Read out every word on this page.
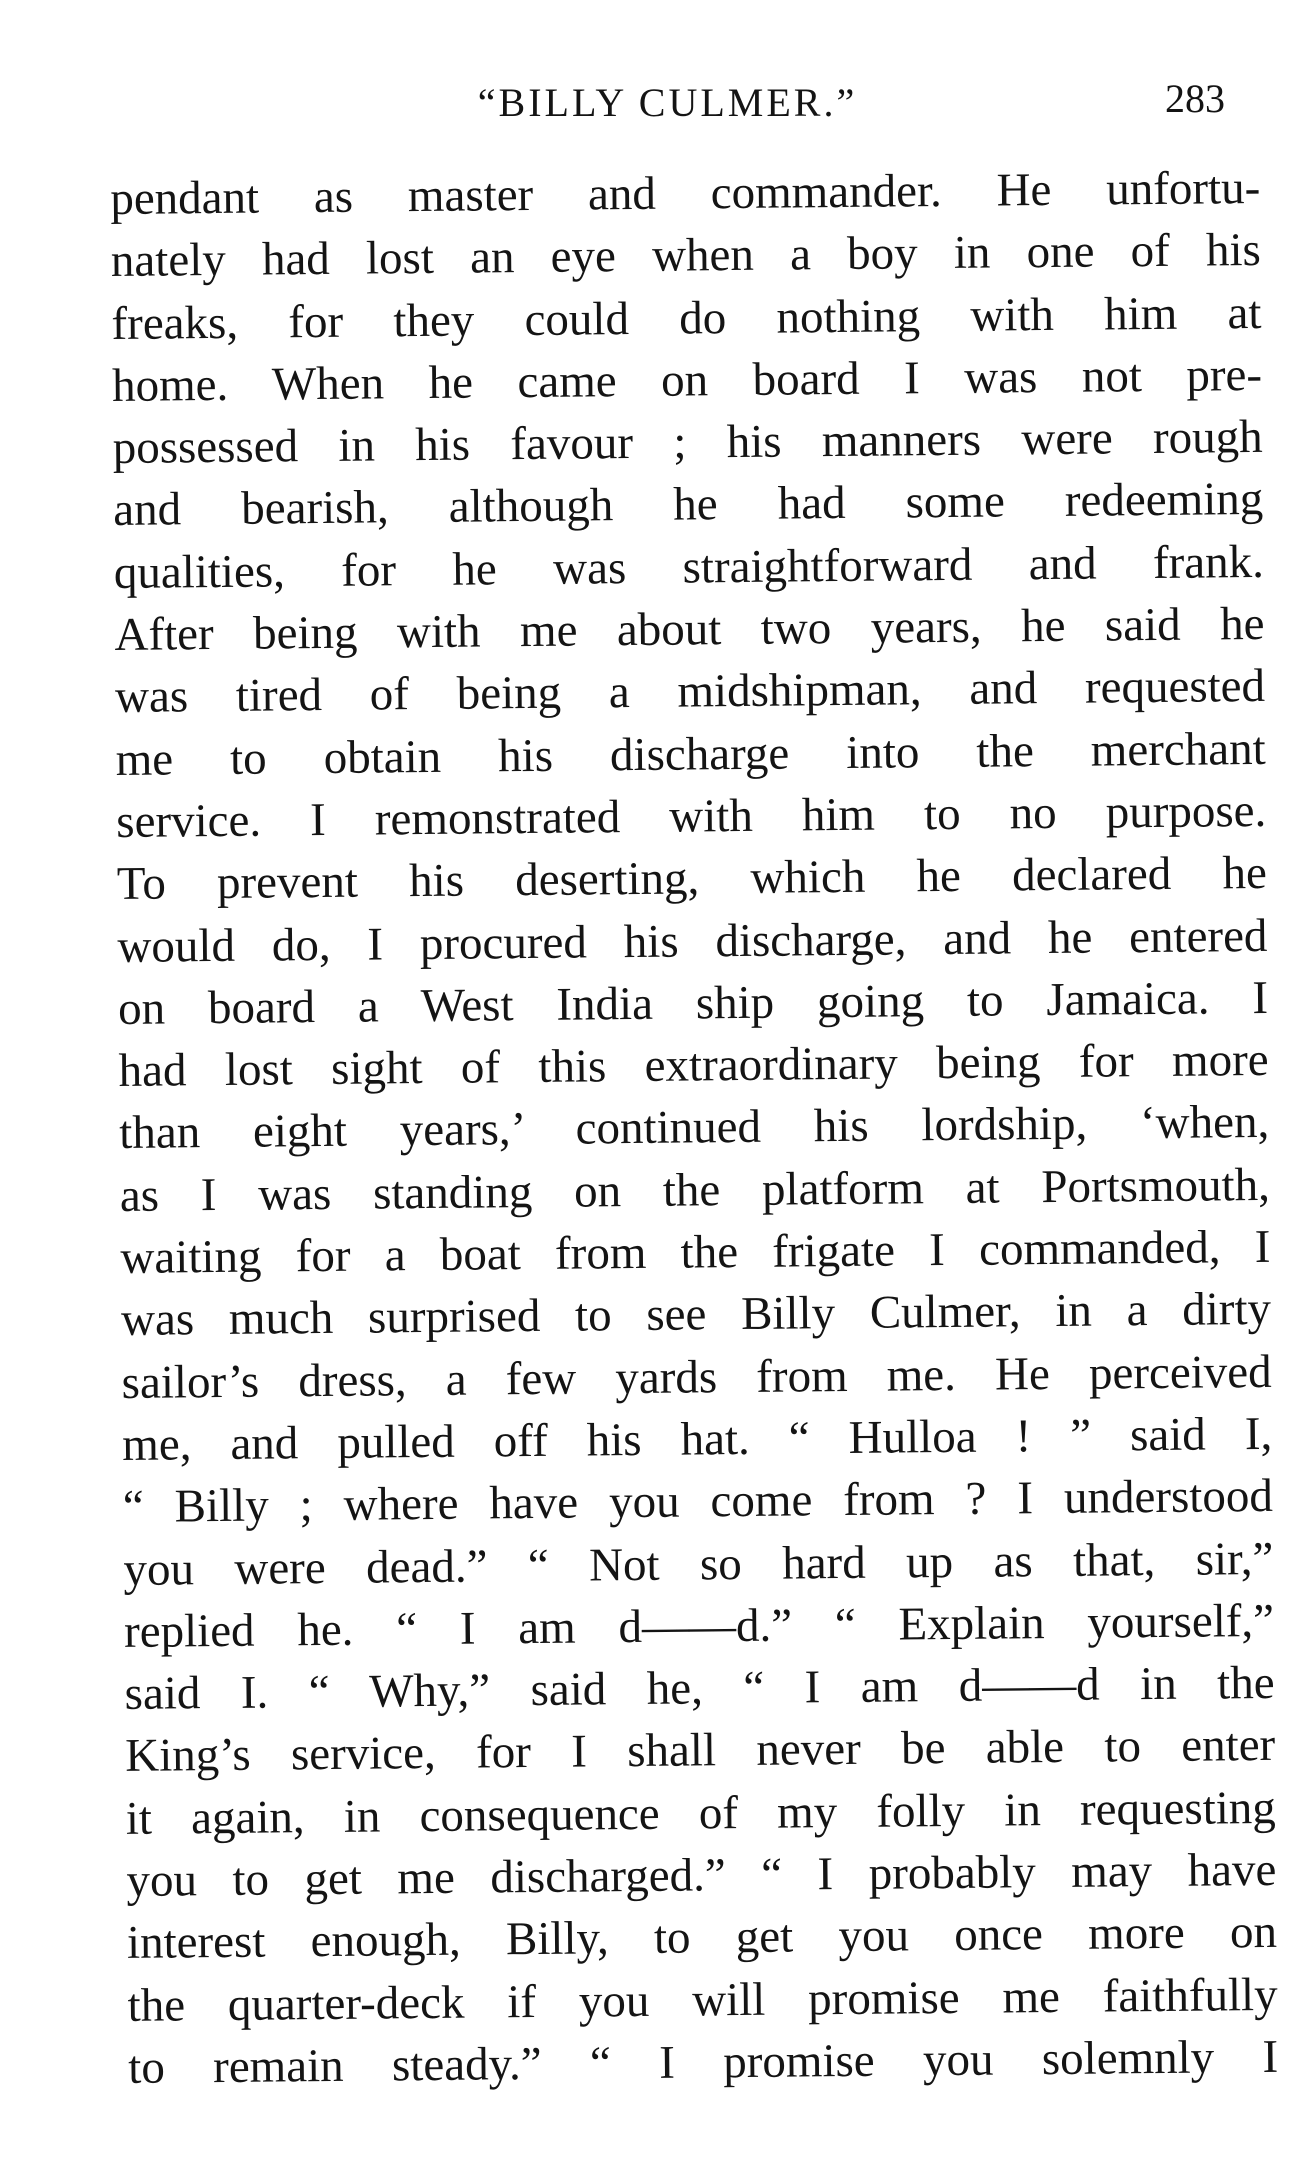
“BILLY CULMER.”	283
pendant as master and commander. He unfortu-
nately had lost an eye when a boy in one of his
freaks, for they could do nothing with him at
home. When he came on board I was not pre-
possessed in his favour ; his manners were rough
and bearish, although he had some redeeming
qualities, for he was straightforward and frank.
After being with me about two years, he said he
was tired of being a midshipman, and requested
me to obtain his discharge into the merchant
service. I remonstrated with him to no purpose.
To prevent his deserting, which he declared he
would do, I procured his discharge, and he entered
on board a West India ship going to Jamaica. I
had lost sight of this extraordinary being for more
than eight years,’ continued his lordship, ‘when,
as I was standing on the platform at Portsmouth,
waiting for a boat from the frigate I commanded, I
was much surprised to see Billy Culmer, in a dirty
sailor’s dress, a few yards from me. He perceived
me, and pulled off his hat. “ Hulloa ! ” said I,
“ Billy ; where have you come from ? I understood
you were dead.” “ Not so hard up as that, sir,”
replied he. “ I am d——d.” “ Explain yourself,”
said I. “ Why,” said he, “ I am d——d in the
King’s service, for I shall never be able to enter
it again, in consequence of my folly in requesting
you to get me discharged.” “ I probably may have
interest enough, Billy, to get you once more on
the quarter-deck if you will promise me faithfully
to remain steady.” “ I promise you solemnly I
